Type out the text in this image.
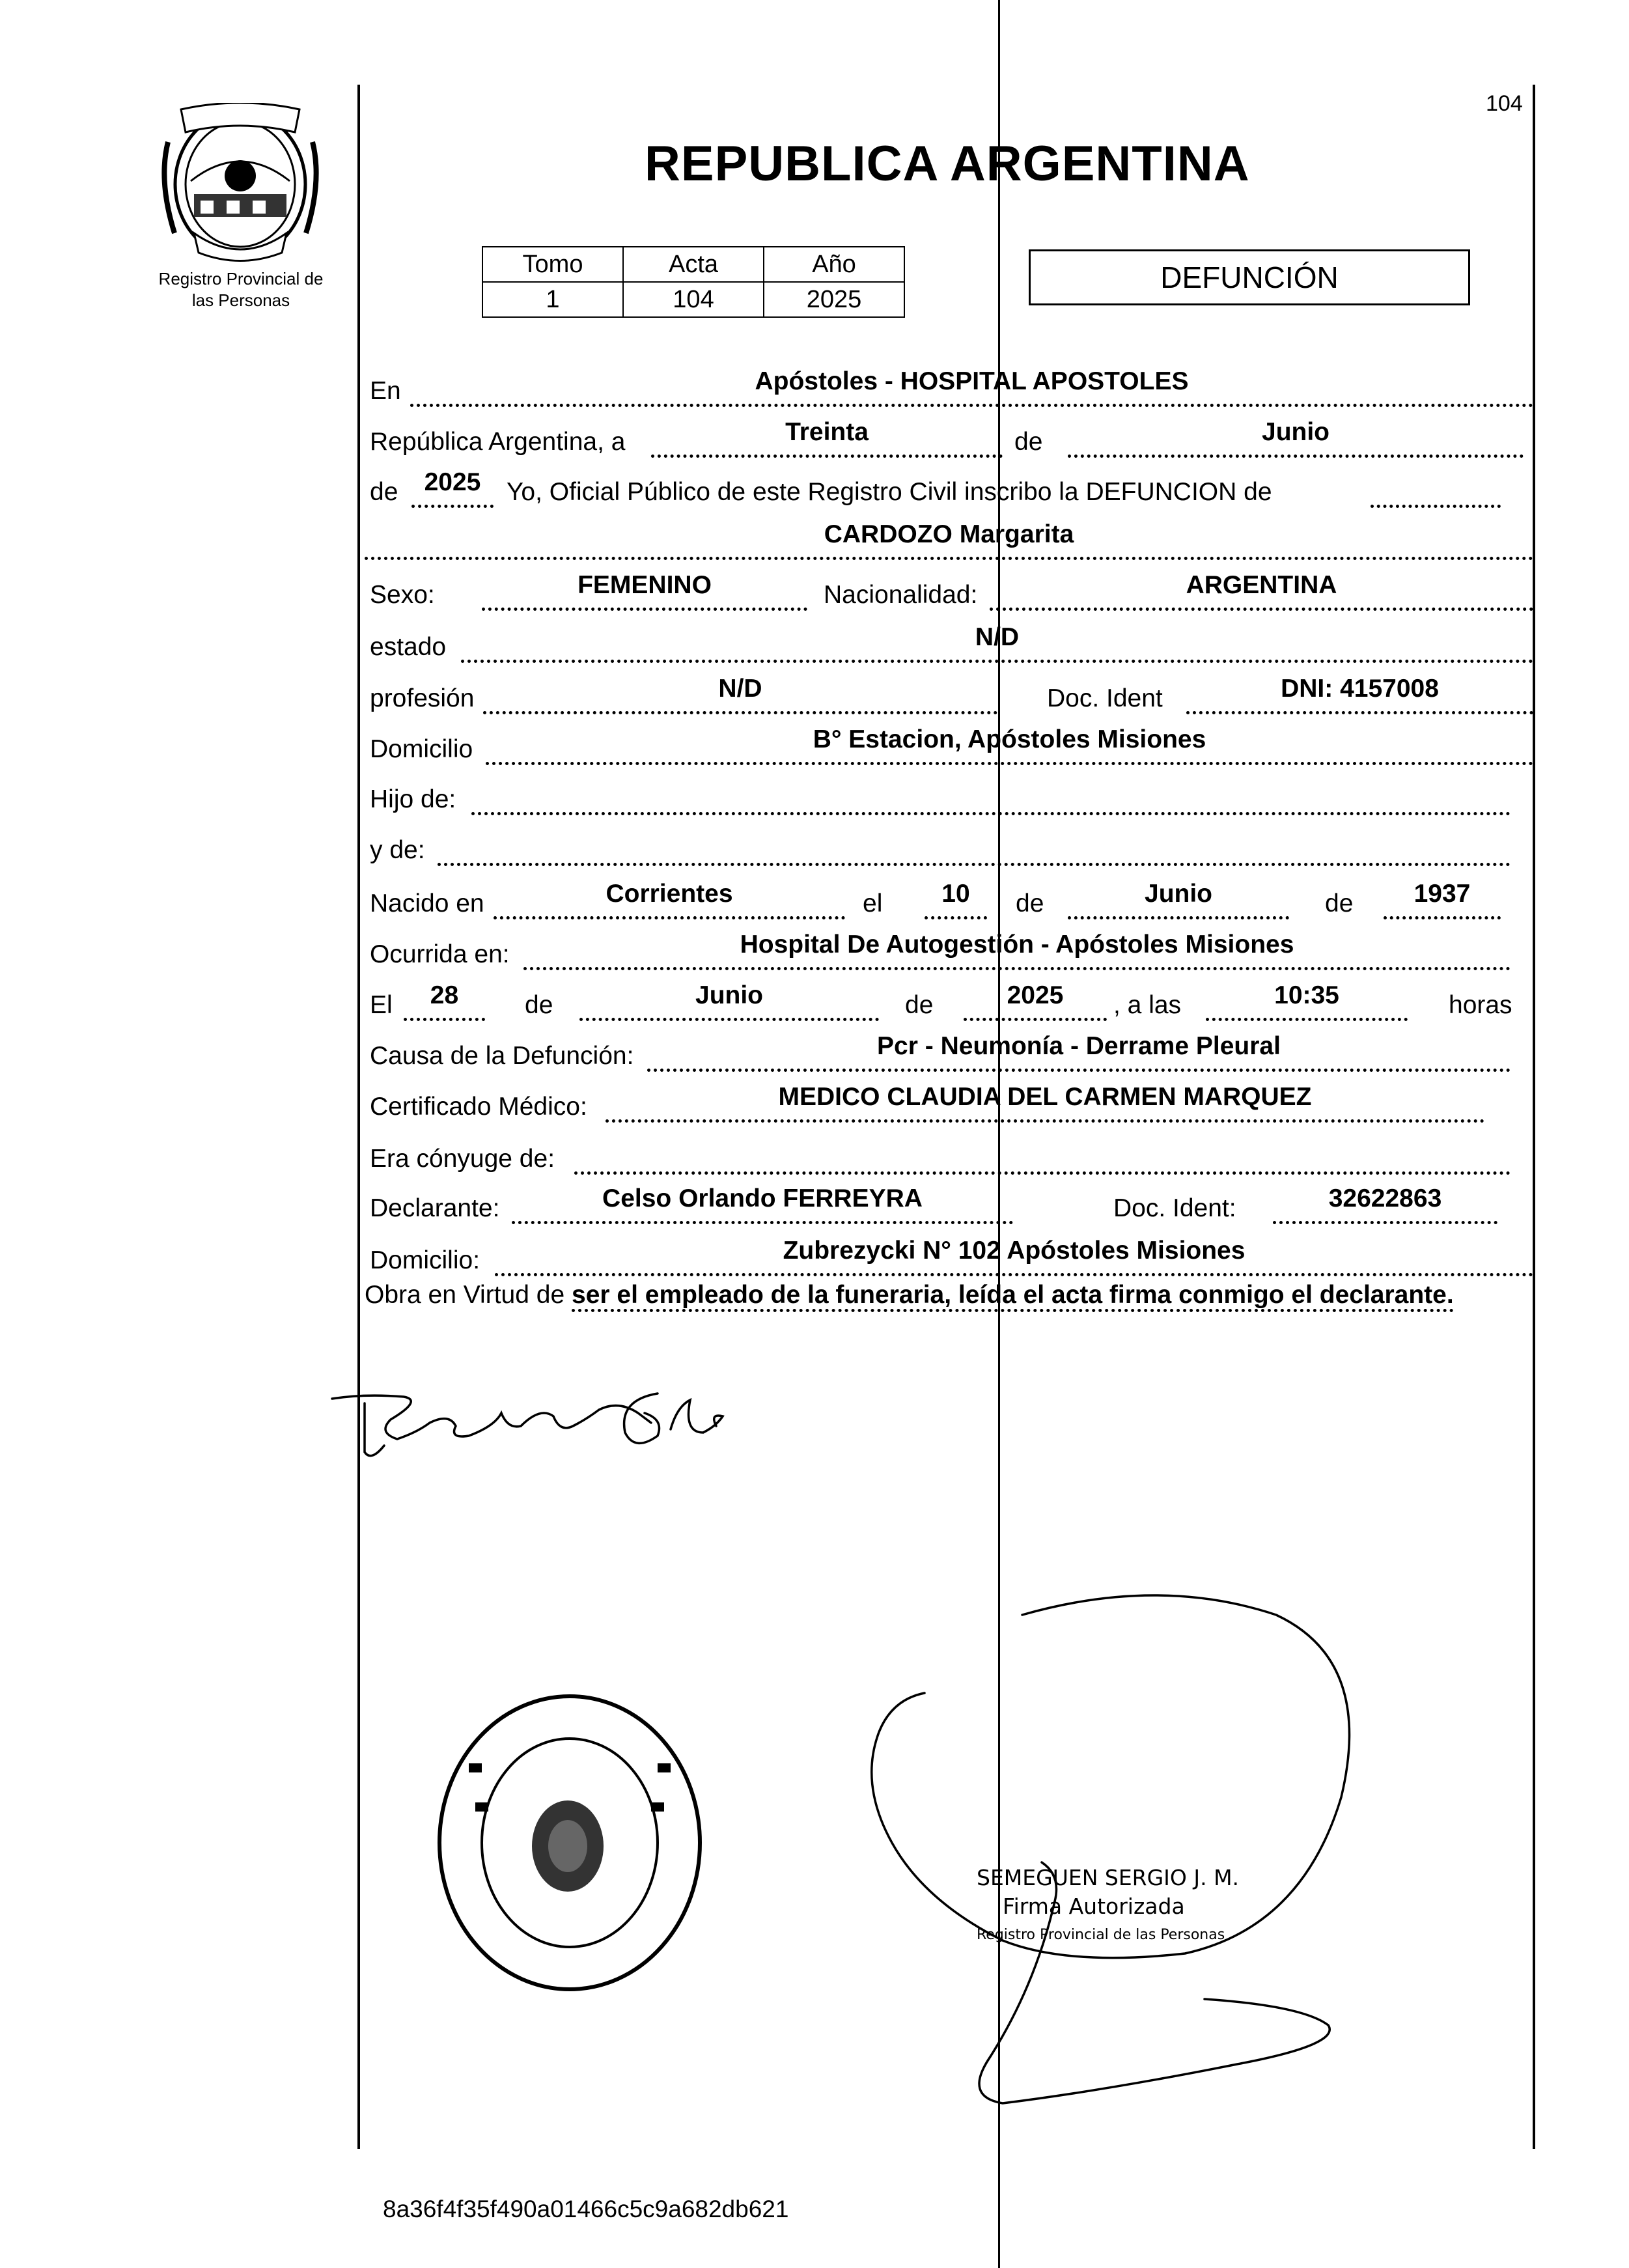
104
Registro Provincial de
las Personas
REPUBLICA ARGENTINA
Tomo	Acta	Año
1	104	2025
DEFUNCIÓN
En	Apóstoles - HOSPITAL APOSTOLES
República Argentina, a	Treinta	de	Junio
de	2025	Yo, Oficial Público de este Registro Civil inscribo la DEFUNCION de
CARDOZO Margarita
Sexo:	FEMENINO	Nacionalidad:	ARGENTINA
estado	N/D
profesión	N/D	Doc. Ident	DNI: 4157008
Domicilio	B° Estacion, Apóstoles Misiones
Hijo de:
y de:
Nacido en	Corrientes	el	10	de	Junio	de	1937
Ocurrida en:	Hospital De Autogestión - Apóstoles Misiones
El	28	de	Junio	de	2025	, a las	10:35	horas
Causa de la Defunción:	Pcr - Neumonía - Derrame Pleural
Certificado Médico:	MEDICO CLAUDIA DEL CARMEN MARQUEZ
Era cónyuge de:
Declarante:	Celso Orlando FERREYRA	Doc. Ident:	32622863
Domicilio:	Zubrezycki N° 102 Apóstoles Misiones
Obra en Virtud de ser el empleado de la funeraria, leída el acta firma conmigo el declarante.
SEMEGUEN SERGIO J. M.
Firma Autorizada
Registro Provincial de las Personas
8a36f4f35f490a01466c5c9a682db621
